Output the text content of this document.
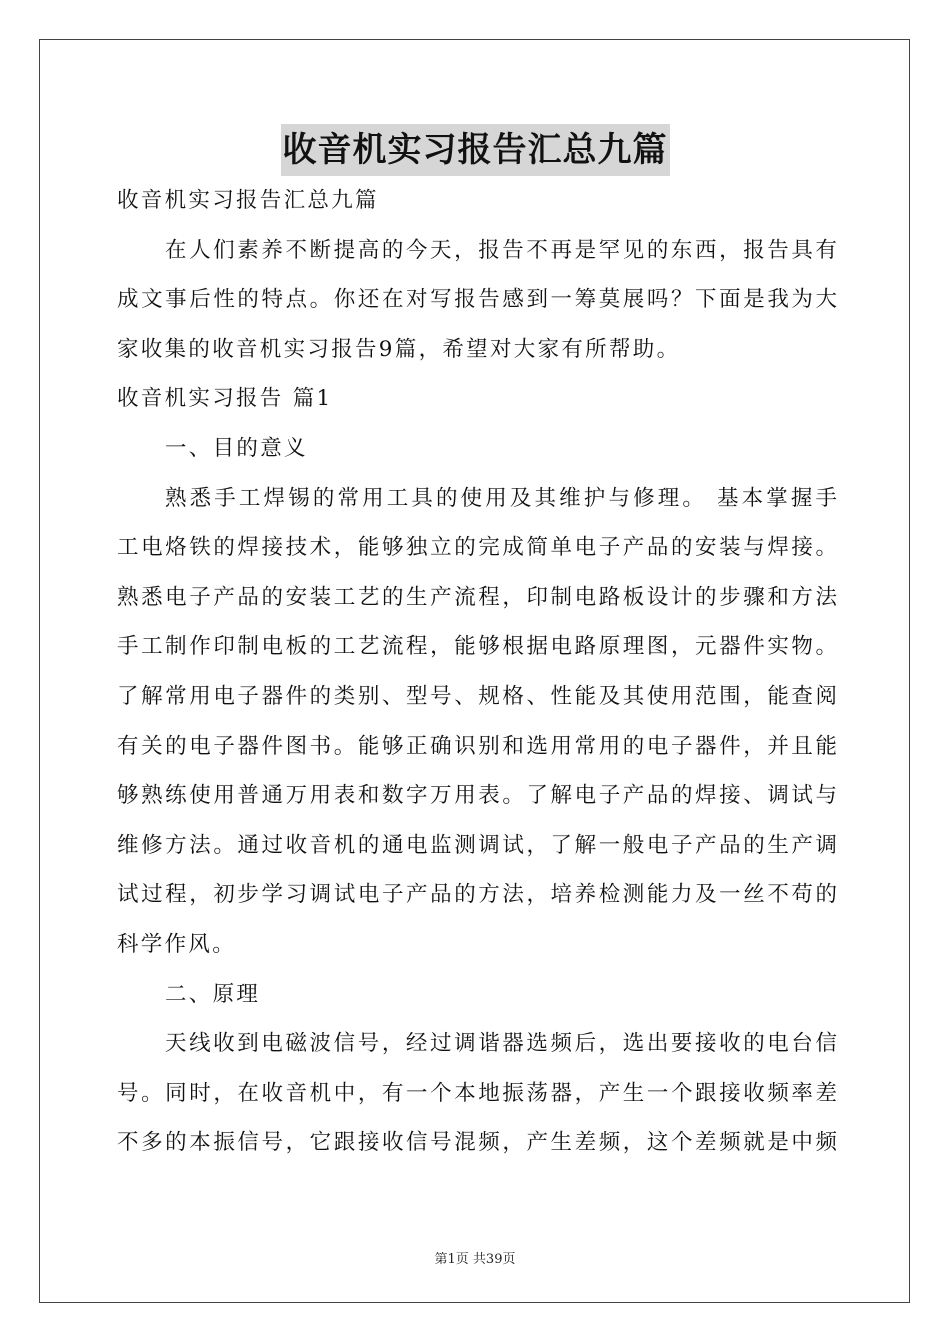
收音机实习报告汇总九篇
收音机实习报告汇总九篇
在人们素养不断提高的今天，报告不再是罕见的东西，报告具有
成文事后性的特点。你还在对写报告感到一筹莫展吗？下面是我为大
家收集的收音机实习报告9篇，希望对大家有所帮助。
收音机实习报告 篇1
一、目的意义
熟悉手工焊锡的常用工具的使用及其维护与修理。 基本掌握手
工电烙铁的焊接技术，能够独立的完成简单电子产品的安装与焊接。
熟悉电子产品的安装工艺的生产流程，印制电路板设计的步骤和方法
手工制作印制电板的工艺流程，能够根据电路原理图，元器件实物。
了解常用电子器件的类别、型号、规格、性能及其使用范围，能查阅
有关的电子器件图书。能够正确识别和选用常用的电子器件，并且能
够熟练使用普通万用表和数字万用表。了解电子产品的焊接、调试与
维修方法。通过收音机的通电监测调试，了解一般电子产品的生产调
试过程，初步学习调试电子产品的方法，培养检测能力及一丝不苟的
科学作风。
二、原理
天线收到电磁波信号，经过调谐器选频后，选出要接收的电台信
号。同时，在收音机中，有一个本地振荡器，产生一个跟接收频率差
不多的本振信号，它跟接收信号混频，产生差频，这个差频就是中频
第1页 共39页
